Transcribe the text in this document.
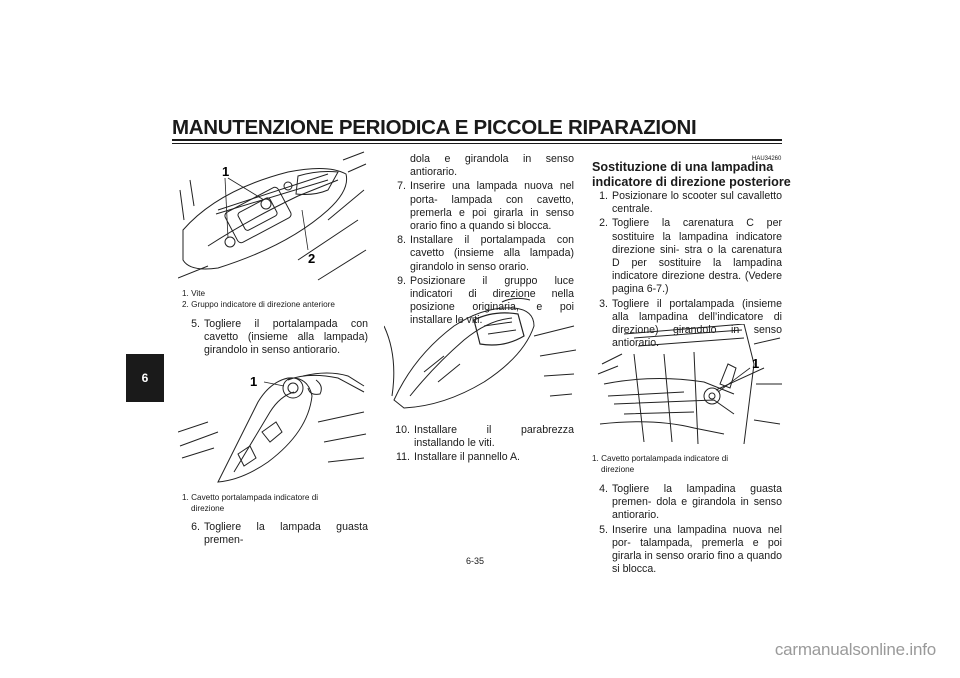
MANUTENZIONE PERIODICA E PICCOLE RIPARAZIONI
6
1
2
1. Vite
2. Gruppo indicatore di direzione anteriore
5. Togliere il portalampada con cavetto (insieme alla lampada) girandolo in senso antiorario.
1
1. Cavetto portalampada indicatore di
direzione
6. Togliere la lampada guasta premen-
dola e girandola in senso antiorario.
7. Inserire una lampada nuova nel porta- lampada con cavetto, premerla e poi girarla in senso orario fino a quando si blocca.
8. Installare il portalampada con cavetto (insieme alla lampada) girandolo in senso orario.
9. Posizionare il gruppo luce indicatori di direzione nella posizione originaria, e poi installare le viti.
10. Installare il parabrezza installando le viti.
11. Installare il pannello A.
HAU34260
Sostituzione di una lampadina
indicatore di direzione posteriore
1. Posizionare lo scooter sul cavalletto centrale.
2. Togliere la carenatura C per sostituire la lampadina indicatore direzione sini- stra o la carenatura D per sostituire la lampadina indicatore direzione destra. (Vedere pagina 6-7.)
3. Togliere il portalampada (insieme alla lampadina dell’indicatore di direzione) girandolo in senso antiorario.
1
1. Cavetto portalampada indicatore di
direzione
4. Togliere la lampadina guasta premen- dola e girandola in senso antiorario.
5. Inserire una lampadina nuova nel por- talampada, premerla e poi girarla in senso orario fino a quando si blocca.
6-35
carmanualsonline.info
